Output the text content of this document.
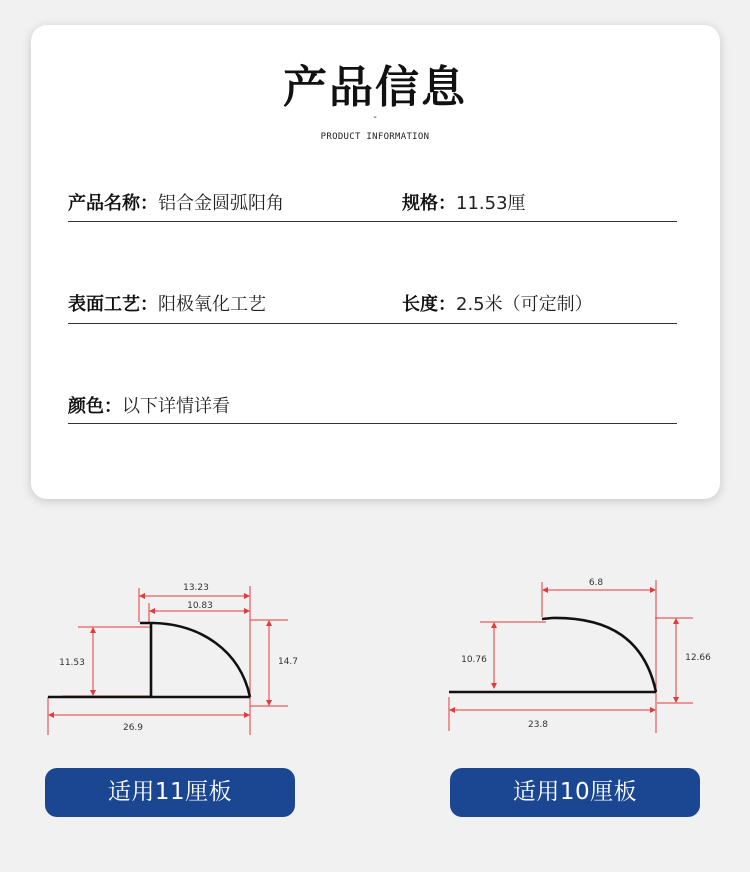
产品信息
-
PRODUCT INFORMATION
产品名称：铝合金圆弧阳角	规格：11.53厘
表面工艺：阳极氧化工艺	长度：2.5米（可定制）
颜色：以下详情详看
13.23
10.83
11.53	14.7
26.9
6.8
10.76	12.66
23.8
适用11厘板	适用10厘板
